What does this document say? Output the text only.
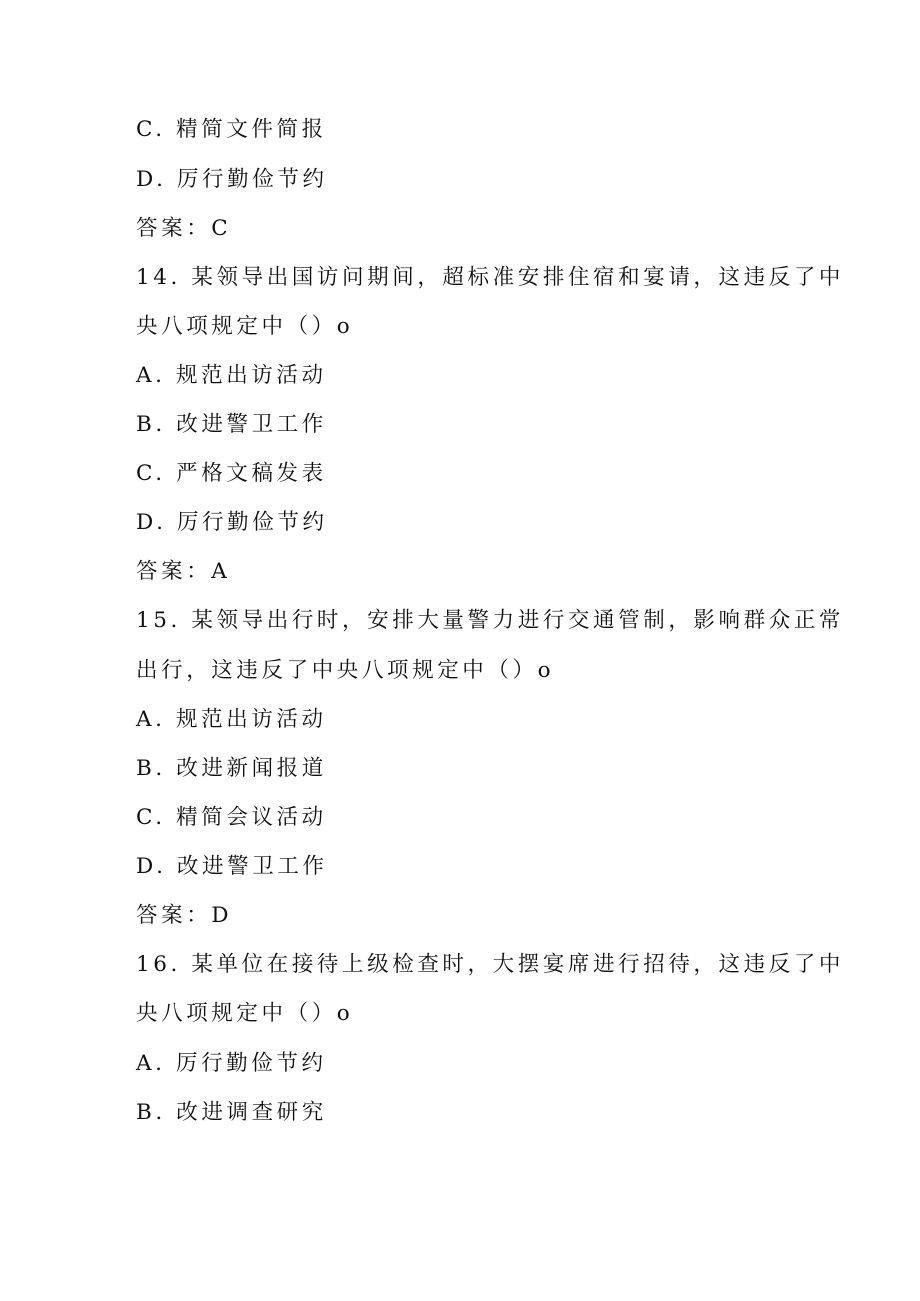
C. 精简文件简报
D. 厉行勤俭节约
答案：C
14. 某领导出国访问期间，超标准安排住宿和宴请，这违反了中
央八项规定中（）o
A. 规范出访活动
B. 改进警卫工作
C. 严格文稿发表
D. 厉行勤俭节约
答案：A
15. 某领导出行时，安排大量警力进行交通管制，影响群众正常
出行，这违反了中央八项规定中（）o
A. 规范出访活动
B. 改进新闻报道
C. 精简会议活动
D. 改进警卫工作
答案：D
16. 某单位在接待上级检查时，大摆宴席进行招待，这违反了中
央八项规定中（）o
A. 厉行勤俭节约
B. 改进调查研究
